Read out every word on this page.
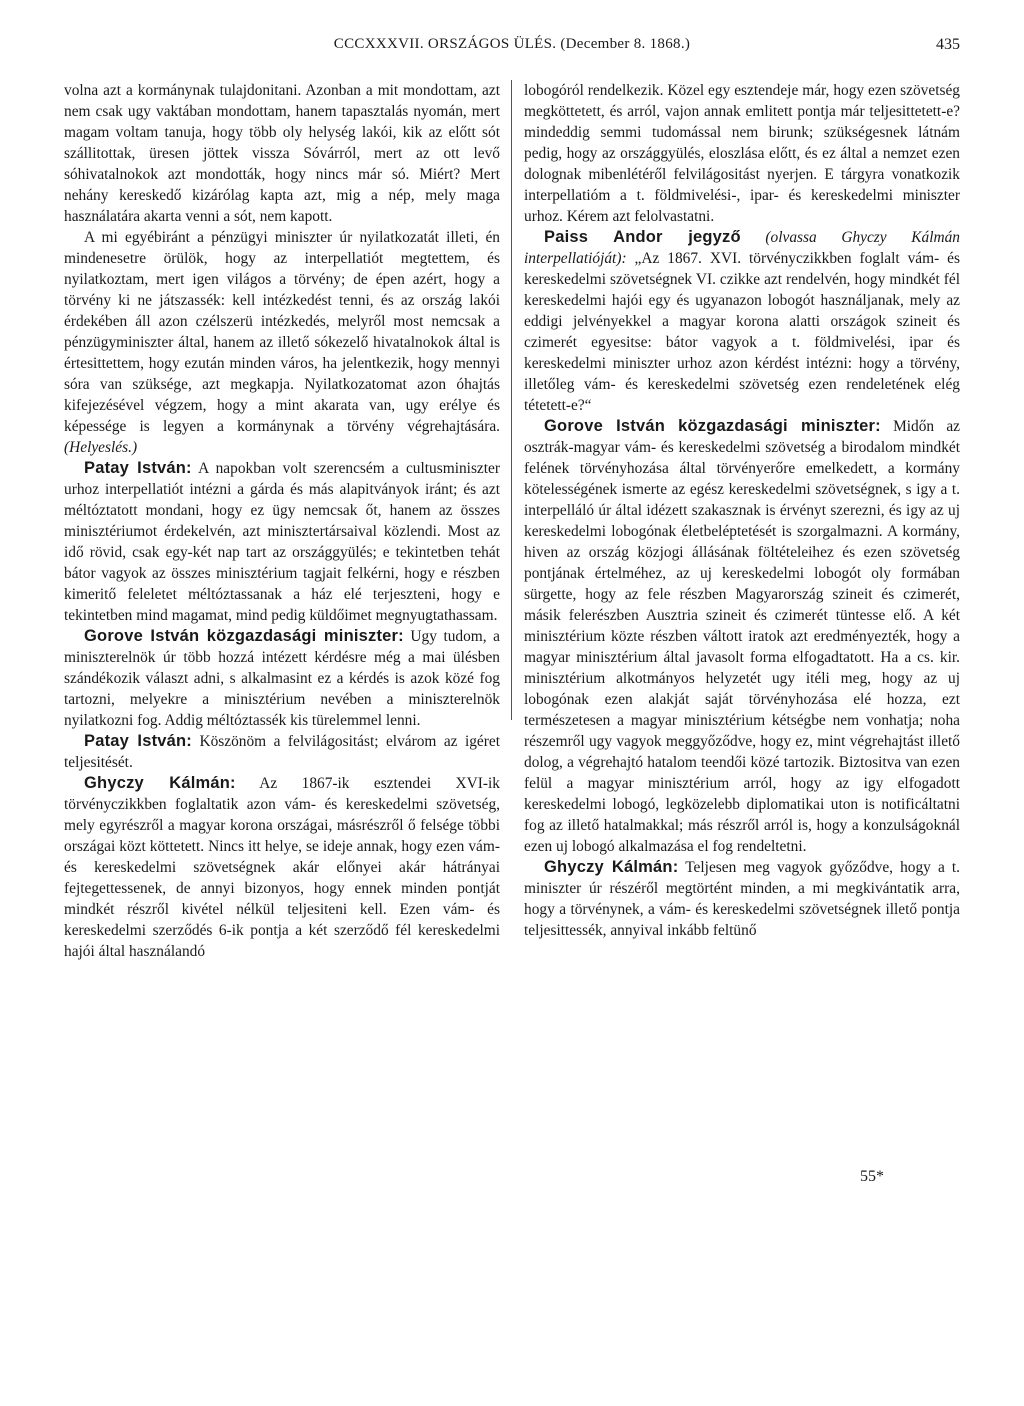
CCCXXXVII. ORSZÁGOS ÜLÉS. (December 8. 1868.)	435

volna azt a kormánynak tulajdonitani. Azonban a mit mondottam, azt nem csak ugy vaktában mondottam, hanem tapasztalás nyomán, mert magam voltam tanuja, hogy több oly helység lakói, kik az előtt sót szállitottak, üresen jöttek vissza Sóvárról, mert az ott levő sóhivatalnokok azt mondották, hogy nincs már só. Miért? Mert nehány kereskedő kizárólag kapta azt, mig a nép, mely maga használatára akarta venni a sót, nem kapott.

A mi egyébiránt a pénzügyi miniszter úr nyilatkozatát illeti, én mindenesetre örülök, hogy az interpellatiót megtettem, és nyilatkoztam, mert igen világos a törvény; de épen azért, hogy a törvény ki ne játszassék: kell intézkedést tenni, és az ország lakói érdekében áll azon czélszerü intézkedés, melyről most nemcsak a pénzügyminiszter által, hanem az illető sókezelő hivatalnokok által is értesittettem, hogy ezután minden város, ha jelentkezik, hogy mennyi sóra van szüksége, azt megkapja. Nyilatkozatomat azon óhajtás kifejezésével végzem, hogy a mint akarata van, ugy erélye és képessége is legyen a kormánynak a törvény végrehajtására. (Helyeslés.)

Patay István: A napokban volt szerencsém a cultusminiszter urhoz interpellatiót intézni a gárda és más alapitványok iránt; és azt méltóztatott mondani, hogy ez ügy nemcsak őt, hanem az összes minisztériumot érdekelvén, azt minisztertársaival közlendi. Most az idő rövid, csak egy-két nap tart az országgyülés; e tekintetben tehát bátor vagyok az összes minisztérium tagjait felkérni, hogy e részben kimeritő feleletet méltóztassanak a ház elé terjeszteni, hogy e tekintetben mind magamat, mind pedig küldőimet megnyugtathassam.

Gorove István közgazdasági miniszter: Ugy tudom, a miniszterelnök úr több hozzá intézett kérdésre még a mai ülésben szándékozik választ adni, s alkalmasint ez a kérdés is azok közé fog tartozni, melyekre a minisztérium nevében a miniszterelnök nyilatkozni fog. Addig méltóztassék kis türelemmel lenni.

Patay István: Köszönöm a felvilágositást; elvárom az igéret teljesitését.

Ghyczy Kálmán: Az 1867-ik esztendei XVI-ik törvényczikkben foglaltatik azon vám- és kereskedelmi szövetség, mely egyrészről a magyar korona országai, másrészről ő felsége többi országai közt köttetett. Nincs itt helye, se ideje annak, hogy ezen vám- és kereskedelmi szövetségnek akár előnyei akár hátrányai fejtegettessenek, de annyi bizonyos, hogy ennek minden pontját mindkét részről kivétel nélkül teljesiteni kell. Ezen vám- és kereskedelmi szerződés 6-ik pontja a két szerződő fél kereskedelmi hajói által használandó

lobogóról rendelkezik. Közel egy esztendeje már, hogy ezen szövetség megköttetett, és arról, vajon annak emlitett pontja már teljesittetett-e? mindeddig semmi tudomással nem birunk; szükségesnek látnám pedig, hogy az országgyülés, eloszlása előtt, és ez által a nemzet ezen dolognak mibenlétéről felvilágositást nyerjen. E tárgyra vonatkozik interpellatióm a t. földmivelési-, ipar- és kereskedelmi miniszter urhoz. Kérem azt felolvastatni.

Paiss Andor jegyző (olvassa Ghyczy Kálmán interpellatióját): „Az 1867. XVI. törvényczikkben foglalt vám- és kereskedelmi szövetségnek VI. czikke azt rendelvén, hogy mindkét fél kereskedelmi hajói egy és ugyanazon lobogót használjanak, mely az eddigi jelvényekkel a magyar korona alatti országok szineit és czimerét egyesitse: bátor vagyok a t. földmivelési, ipar és kereskedelmi miniszter urhoz azon kérdést intézni: hogy a törvény, illetőleg vám- és kereskedelmi szövetség ezen rendeletének elég tétetett-e?“

Gorove István közgazdasági miniszter: Midőn az osztrák-magyar vám- és kereskedelmi szövetség a birodalom mindkét felének törvényhozása által törvényerőre emelkedett, a kormány kötelességének ismerte az egész kereskedelmi szövetségnek, s igy a t. interpelláló úr által idézett szakasznak is érvényt szerezni, és igy az uj kereskedelmi lobogónak életbeléptetését is szorgalmazni. A kormány, hiven az ország közjogi állásának föltételeihez és ezen szövetség pontjának értelméhez, az uj kereskedelmi lobogót oly formában sürgette, hogy az fele részben Magyarország szineit és czimerét, másik felerészben Ausztria szineit és czimerét tüntesse elő. A két minisztérium közte részben váltott iratok azt eredményezték, hogy a magyar minisztérium által javasolt forma elfogadtatott. Ha a cs. kir. minisztérium alkotmányos helyzetét ugy itéli meg, hogy az uj lobogónak ezen alakját saját törvényhozása elé hozza, ezt természetesen a magyar minisztérium kétségbe nem vonhatja; noha részemről ugy vagyok meggyőződve, hogy ez, mint végrehajtást illető dolog, a végrehajtó hatalom teendői közé tartozik. Biztositva van ezen felül a magyar minisztérium arról, hogy az igy elfogadott kereskedelmi lobogó, legközelebb diplomatikai uton is notificáltatni fog az illető hatalmakkal; más részről arról is, hogy a konzulságoknál ezen uj lobogó alkalmazása el fog rendeltetni.

Ghyczy Kálmán: Teljesen meg vagyok győződve, hogy a t. miniszter úr részéről megtörtént minden, a mi megkivántatik arra, hogy a törvénynek, a vám- és kereskedelmi szövetségnek illető pontja teljesittessék, annyival inkább feltünő

55*
